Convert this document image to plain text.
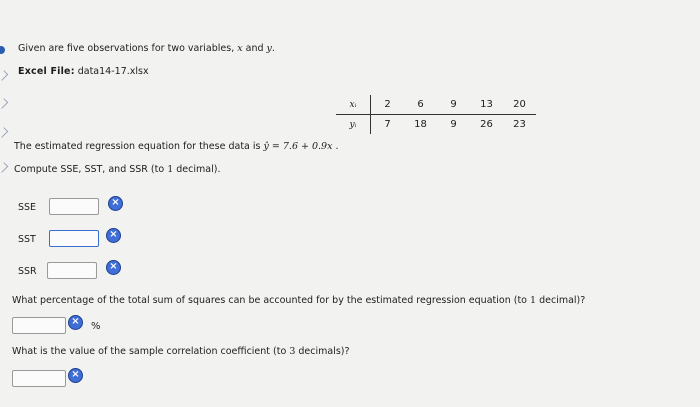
Given are five observations for two variables, x and y.
Excel File: data14-17.xlsx
xᵢ	2	6	9	13	20
yᵢ	7	18	9	26	23
The estimated regression equation for these data is ŷ = 7.6 + 0.9x .
Compute SSE, SST, and SSR (to 1 decimal).
SSE	×
SST	×
SSR	×
What percentage of the total sum of squares can be accounted for by the estimated regression equation (to 1 decimal)?
×	%
What is the value of the sample correlation coefficient (to 3 decimals)?
×
